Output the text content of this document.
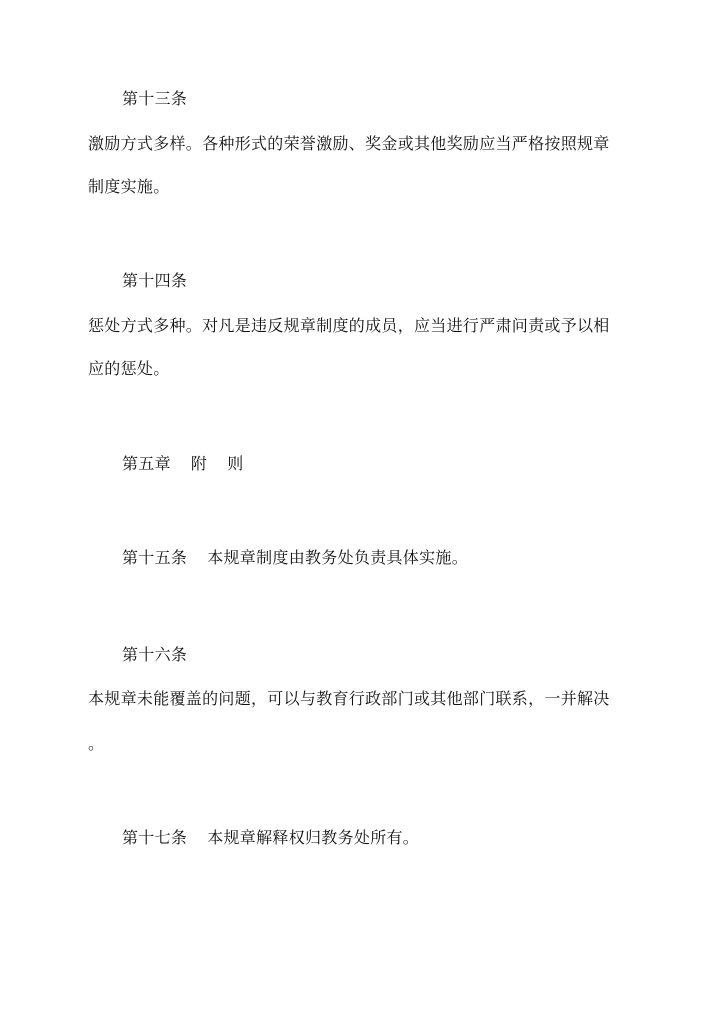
第十三条
激励方式多样。各种形式的荣誉激励、奖金或其他奖励应当严格按照规章
制度实施。
第十四条
惩处方式多种。对凡是违反规章制度的成员，应当进行严肃问责或予以相
应的惩处。
第五章 附 则
第十五条 本规章制度由教务处负责具体实施。
第十六条
本规章未能覆盖的问题，可以与教育行政部门或其他部门联系，一并解决
。
第十七条 本规章解释权归教务处所有。
